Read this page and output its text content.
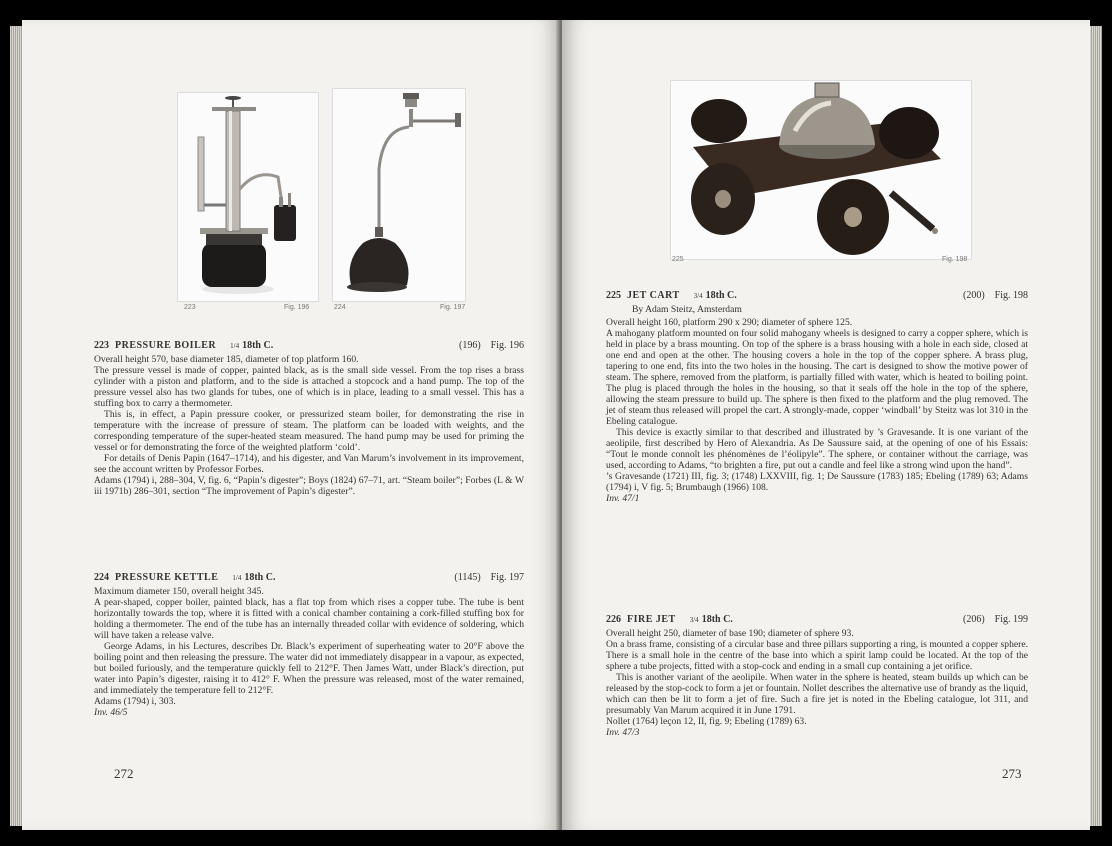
223	Fig. 196	224	Fig. 197
223 PRESSURE BOILER 1/4 18th C.	(196) Fig. 196

Overall height 570, base diameter 185, diameter of top platform 160.

The pressure vessel is made of copper, painted black, as is the small side vessel. From the top rises a brass cylinder with a piston and platform, and to the side is attached a stopcock and a hand pump. The top of the pressure vessel also has two glands for tubes, one of which is in place, leading to a small vessel. This has a stuffing box to carry a thermometer.

This is, in effect, a Papin pressure cooker, or pressurized steam boiler, for demonstrating the rise in temperature with the increase of pressure of steam. The platform can be loaded with weights, and the corresponding temperature of the super-heated steam measured. The hand pump may be used for priming the vessel or for demonstrating the force of the weighted platform ‘cold’.

For details of Denis Papin (1647–1714), and his digester, and Van Marum’s involvement in its improvement, see the account written by Professor Forbes.

Adams (1794) i, 288–304, V, fig. 6, “Papin’s digester”; Boys (1824) 67–71, art. “Steam boiler”; Forbes (L & W iii 1971b) 286–301, section “The improvement of Papin’s digester”.

224 PRESSURE KETTLE 1/4 18th C.	(1145) Fig. 197

Maximum diameter 150, overall height 345.

A pear-shaped, copper boiler, painted black, has a flat top from which rises a copper tube. The tube is bent horizontally towards the top, where it is fitted with a conical chamber containing a cork-filled stuffing box for holding a thermometer. The end of the tube has an internally threaded collar with evidence of soldering, which will have taken a release valve.

George Adams, in his Lectures, describes Dr. Black’s experiment of superheating water to 20°F above the boiling point and then releasing the pressure. The water did not immediately disappear in a vapour, as expected, but boiled furiously, and the temperature quickly fell to 212°F. Then James Watt, under Black’s direction, put water into Papin’s digester, raising it to 412° F. When the pressure was released, most of the water remained, and immediately the temperature fell to 212°F.

Adams (1794) i, 303.

Inv. 46/5

272
225	Fig. 198
225 JET CART 3/4 18th C.	(200) Fig. 198
By Adam Steitz, Amsterdam

Overall height 160, platform 290 x 290; diameter of sphere 125.

A mahogany platform mounted on four solid mahogany wheels is designed to carry a copper sphere, which is held in place by a brass mounting. On top of the sphere is a brass housing with a hole in each side, closed at one end and open at the other. The housing covers a hole in the top of the copper sphere. A brass plug, tapering to one end, fits into the two holes in the housing. The cart is designed to show the motive power of steam. The sphere, removed from the platform, is partially filled with water, which is heated to boiling point. The plug is placed through the holes in the housing, so that it seals off the hole in the top of the sphere, allowing the steam pressure to build up. The sphere is then fixed to the platform and the plug removed. The jet of steam thus released will propel the cart. A strongly-made, copper ‘windball’ by Steitz was lot 310 in the Ebeling catalogue.

This device is exactly similar to that described and illustrated by ’s Gravesande. It is one variant of the aeolipile, first described by Hero of Alexandria. As De Saussure said, at the opening of one of his Essais: “Tout le monde connoît les phénomènes de l’éolipyle”. The sphere, or container without the carriage, was used, according to Adams, “to brighten a fire, put out a candle and feel like a strong wind upon the hand”.

’s Gravesande (1721) III, fig. 3; (1748) LXXVIII, fig. 1; De Saussure (1783) 185; Ebeling (1789) 63; Adams (1794) i, V fig. 5; Brumbaugh (1966) 108.

Inv. 47/1

226 FIRE JET 3/4 18th C.	(206) Fig. 199

Overall height 250, diameter of base 190; diameter of sphere 93.

On a brass frame, consisting of a circular base and three pillars supporting a ring, is mounted a copper sphere. There is a small hole in the centre of the base into which a spirit lamp could be located. At the top of the sphere a tube projects, fitted with a stop-cock and ending in a small cup containing a jet orifice.

This is another variant of the aeolipile. When water in the sphere is heated, steam builds up which can be released by the stop-cock to form a jet or fountain. Nollet describes the alternative use of brandy as the liquid, which can then be lit to form a jet of fire. Such a fire jet is noted in the Ebeling catalogue, lot 311, and presumably Van Marum acquired it in June 1791.

Nollet (1764) leçon 12, II, fig. 9; Ebeling (1789) 63.

Inv. 47/3

273
